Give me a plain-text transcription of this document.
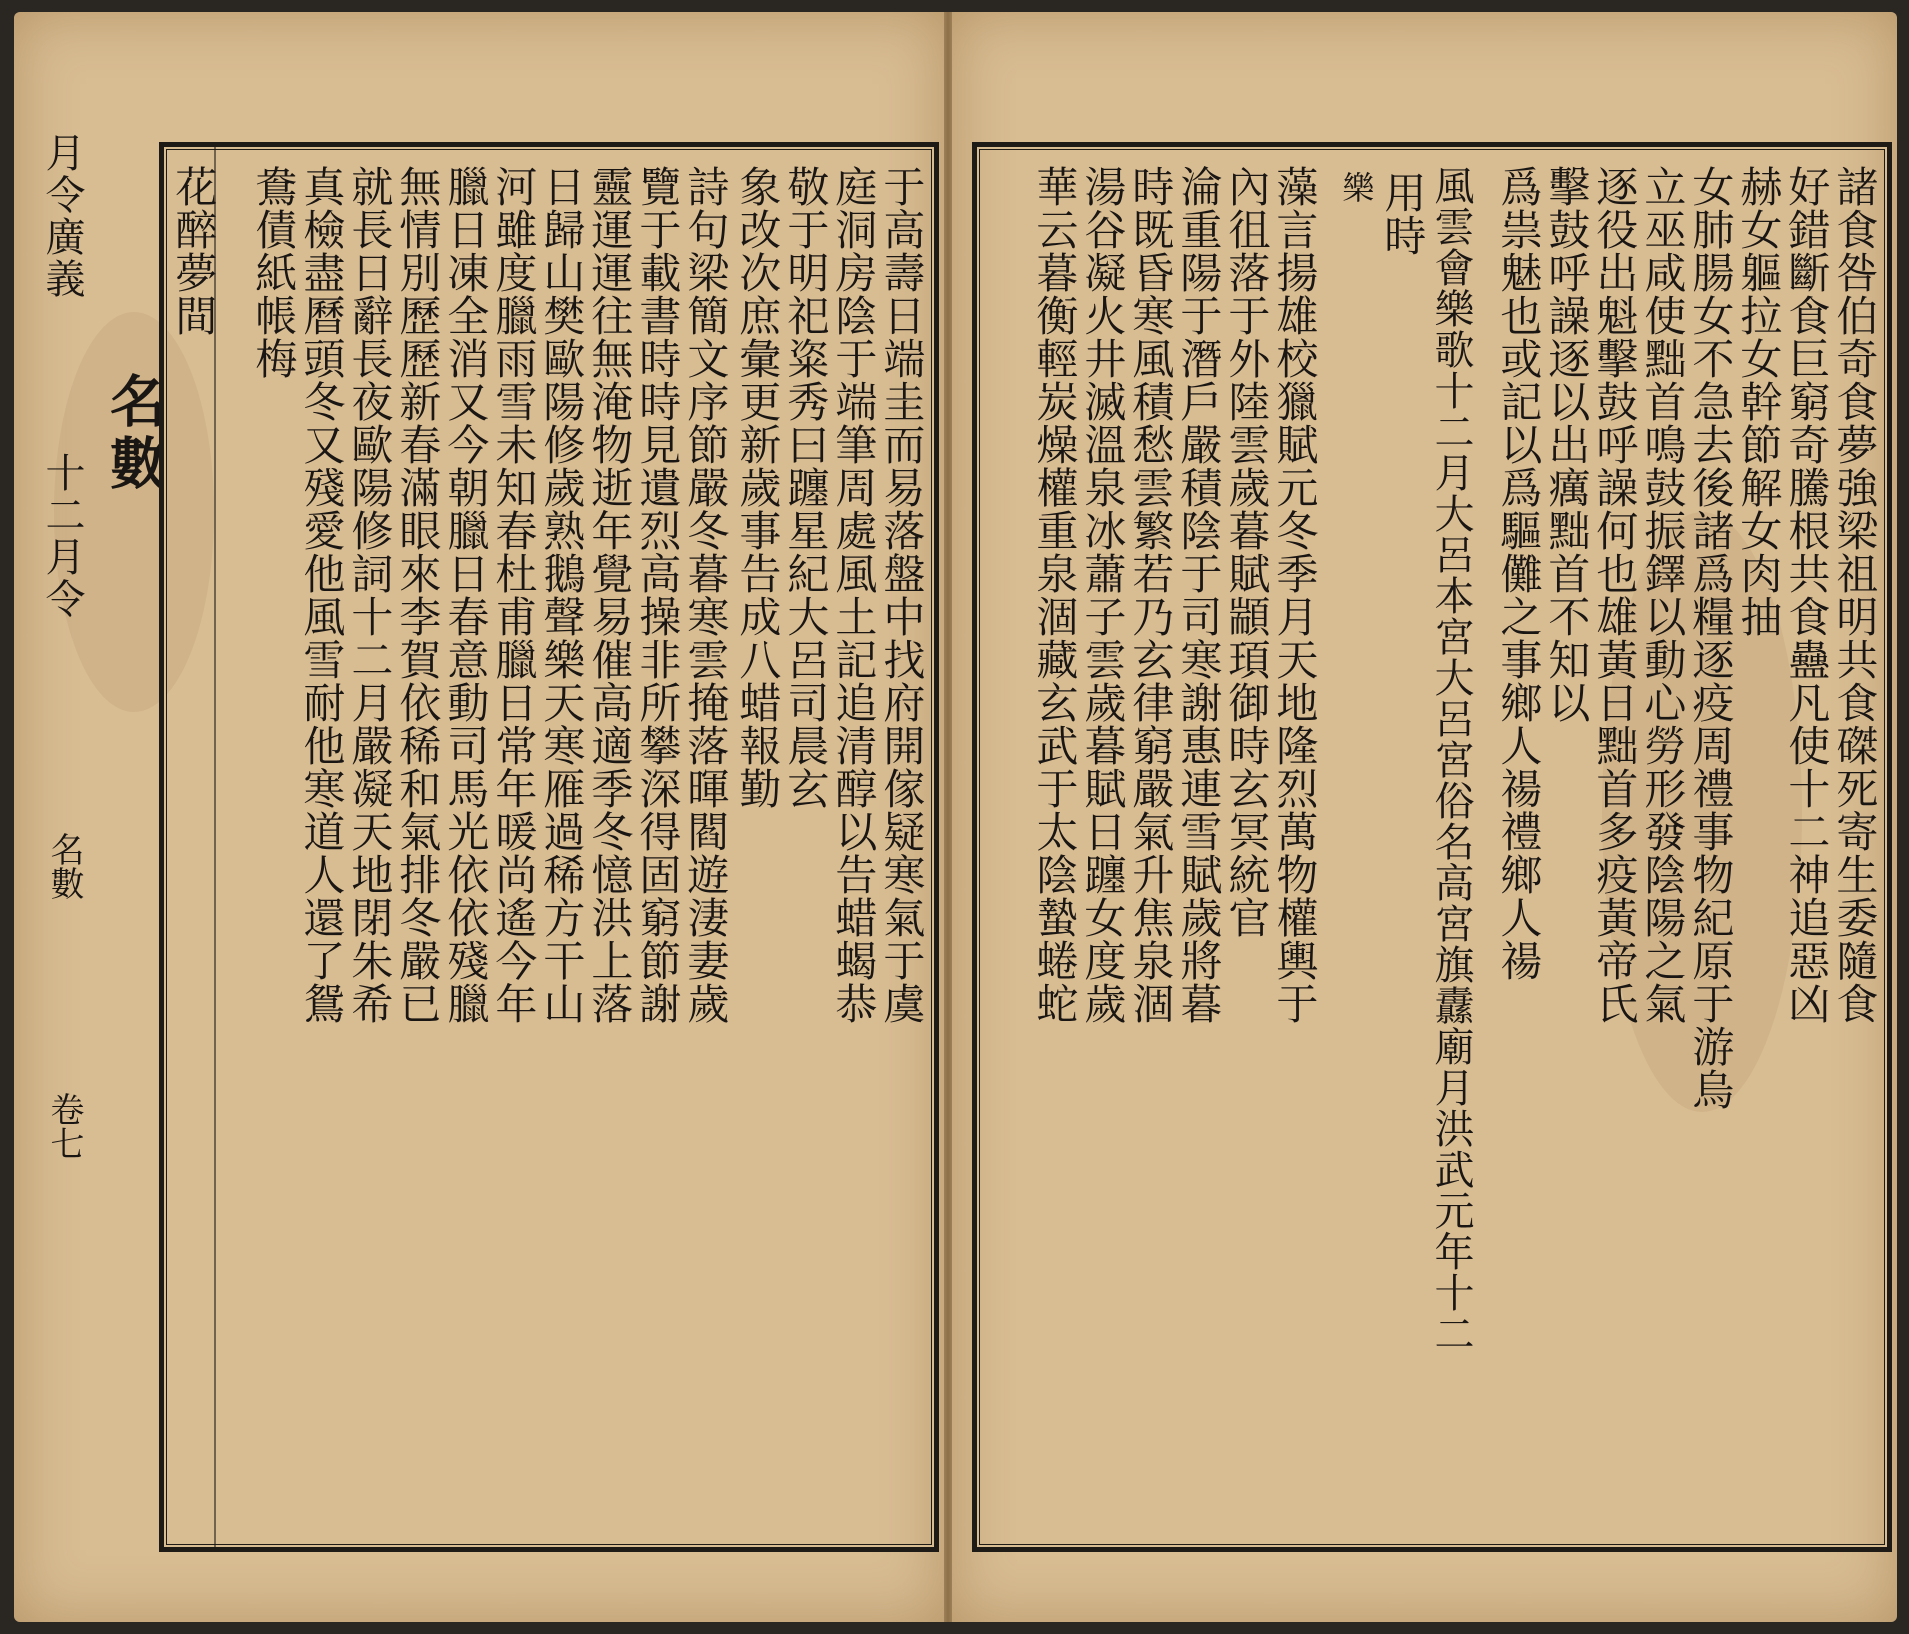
月令廣義
十二月令
名數
卷七
名數	于高壽日端圭而易落盤中找府開傢疑寒氣于虞
庭洞房陰于端筆周處風土記追清醇以告蜡蝎恭
敬于明祀粢秀曰躔星紀大呂司晨玄
象改次庶彙更新歲事告成八蜡報勤
詩句梁簡文序節嚴冬暮寒雲掩落暉閻遊淒妻歲
覽于載書時時見遺烈高操非所攀深得固窮節謝
靈運運往無淹物逝年覺易催高適季冬憶洪上落
日歸山樊歐陽修歲熟鵝聲樂天寒雁過稀方干山
河雖度臘雨雪未知春杜甫臘日常年暖尚遙今年
臘日凍全消又今朝臘日春意動司馬光依依殘臘
無情別歷歷新春滿眼來李賀依稀和氣排冬嚴已
就長日辭長夜歐陽修詞十二月嚴凝天地閉朱希
真檢盡曆頭冬又殘愛他風雪耐他寒道人還了鴛
鴦債紙帳梅
花醉夢間	諸食咎伯奇食夢強梁祖明共食磔死寄生委隨食
好錯斷食巨窮奇騰根共食蠱凡使十二神追惡凶
赫女軀拉女幹節解女肉抽
女肺腸女不急去後諸爲糧逐疫周禮事物紀原于游烏
立巫咸使黜首鳴鼓振鐸以動心勞形發陰陽之氣
逐役出魁擊鼓呼譟何也雄黃日黜首多疫黃帝氏
擊鼓呼譟逐以出癘黜首不知以
爲祟魅也或記以爲驅儺之事鄉人禓禮鄉人禓
風雲會樂歌十二月大呂本宮大呂宮俗名高宮旗纛廟月洪武元年十二
用時
樂
藻言揚雄校獵賦元冬季月天地隆烈萬物權輿于
內徂落于外陸雲歲暮賦顓頊御時玄冥統官
淪重陽于潛戶嚴積陰于司寒謝惠連雪賦歲將暮
時既昏寒風積愁雲繁若乃玄律窮嚴氣升焦泉涸
湯谷凝火井滅溫泉冰蕭子雲歲暮賦日躔女度歲
華云暮衡輕炭燥權重泉涸藏玄武于太陰蟄蜷蛇
